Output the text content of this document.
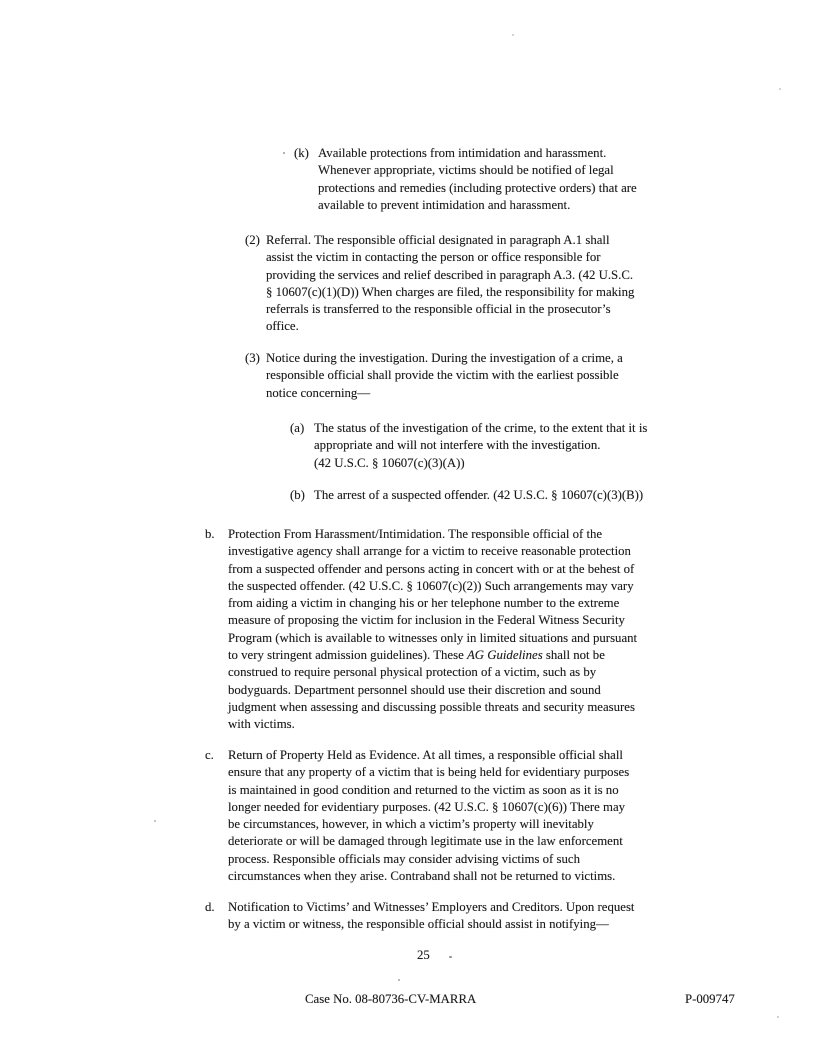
(k) Available protections from intimidation and harassment.
Whenever appropriate, victims should be notified of legal
protections and remedies (including protective orders) that are
available to prevent intimidation and harassment.
(2) Referral. The responsible official designated in paragraph A.1 shall
assist the victim in contacting the person or office responsible for
providing the services and relief described in paragraph A.3. (42 U.S.C.
§ 10607(c)(1)(D)) When charges are filed, the responsibility for making
referrals is transferred to the responsible official in the prosecutor’s
office.
(3) Notice during the investigation. During the investigation of a crime, a
responsible official shall provide the victim with the earliest possible
notice concerning—
(a) The status of the investigation of the crime, to the extent that it is
appropriate and will not interfere with the investigation.
(42 U.S.C. § 10607(c)(3)(A))
(b) The arrest of a suspected offender. (42 U.S.C. § 10607(c)(3)(B))
b. Protection From Harassment/Intimidation. The responsible official of the
investigative agency shall arrange for a victim to receive reasonable protection
from a suspected offender and persons acting in concert with or at the behest of
the suspected offender. (42 U.S.C. § 10607(c)(2)) Such arrangements may vary
from aiding a victim in changing his or her telephone number to the extreme
measure of proposing the victim for inclusion in the Federal Witness Security
Program (which is available to witnesses only in limited situations and pursuant
to very stringent admission guidelines). These AG Guidelines shall not be
construed to require personal physical protection of a victim, such as by
bodyguards. Department personnel should use their discretion and sound
judgment when assessing and discussing possible threats and security measures
with victims.
c. Return of Property Held as Evidence. At all times, a responsible official shall
ensure that any property of a victim that is being held for evidentiary purposes
is maintained in good condition and returned to the victim as soon as it is no
longer needed for evidentiary purposes. (42 U.S.C. § 10607(c)(6)) There may
be circumstances, however, in which a victim’s property will inevitably
deteriorate or will be damaged through legitimate use in the law enforcement
process. Responsible officials may consider advising victims of such
circumstances when they arise. Contraband shall not be returned to victims.
d. Notification to Victims’ and Witnesses’ Employers and Creditors. Upon request
by a victim or witness, the responsible official should assist in notifying—
25
Case No. 08-80736-CV-MARRA	P-009747
